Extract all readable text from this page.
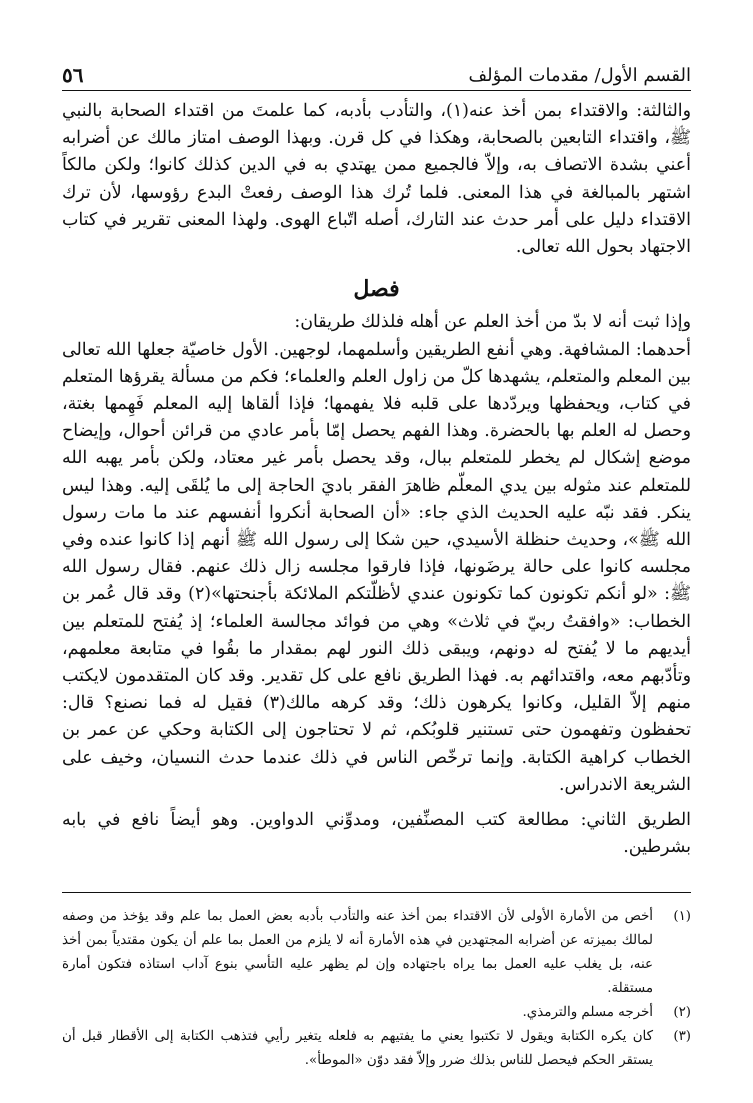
القسم الأول/ مقدمات المؤلف
٥٦

والثالثة: والاقتداء بمن أخذ عنه(١)، والتأدب بأدبه، كما علمتَ من اقتداء الصحابة بالنبي ﷺ، واقتداء التابعين بالصحابة، وهكذا في كل قرن. وبهذا الوصف امتاز مالك عن أضرابه أعني بشدة الاتصاف به، وإلاّ فالجميع ممن يهتدي به في الدين كذلك كانوا؛ ولكن مالكاً اشتهر بالمبالغة في هذا المعنى. فلما تُرك هذا الوصف رفعتْ البدع رؤوسها، لأن ترك الاقتداء دليل على أمر حدث عند التارك، أصله اتّباع الهوى. ولهذا المعنى تقرير في كتاب الاجتهاد بحول الله تعالى.

فصل

وإذا ثبت أنه لا بدّ من أخذ العلم عن أهله فلذلك طريقان:

أحدهما: المشافهة. وهي أنفع الطريقين وأسلمهما، لوجهين. الأول خاصيّة جعلها الله تعالى بين المعلم والمتعلم، يشهدها كلّ من زاول العلم والعلماء؛ فكم من مسألة يقرؤها المتعلم في كتاب، ويحفظها ويردّدها على قلبه فلا يفهمها؛ فإذا ألقاها إليه المعلم فَهِمها بغتة، وحصل له العلم بها بالحضرة. وهذا الفهم يحصل إمّا بأمر عادي من قرائن أحوال، وإيضاح موضع إشكال لم يخطر للمتعلم ببال، وقد يحصل بأمر غير معتاد، ولكن بأمر يهبه الله للمتعلم عند مثوله بين يدي المعلّم ظاهرَ الفقر باديَ الحاجة إلى ما يُلقَى إليه. وهذا ليس ينكر. فقد نبّه عليه الحديث الذي جاء: «أن الصحابة أنكروا أنفسهم عند ما مات رسول الله ﷺ»، وحديث حنظلة الأسيدي، حين شكا إلى رسول الله ﷺ أنهم إذا كانوا عنده وفي مجلسه كانوا على حالة يرضَونها، فإذا فارقوا مجلسه زال ذلك عنهم. فقال رسول الله ﷺ: «لو أنكم تكونون كما تكونون عندي لأظلّتكم الملائكة بأجنحتها»(٢) وقد قال عُمر بن الخطاب: «وافقتُ ربيّ في ثلاث» وهي من فوائد مجالسة العلماء؛ إذ يُفتح للمتعلم بين أيديهم ما لا يُفتح له دونهم، ويبقى ذلك النور لهم بمقدار ما بقُوا في متابعة معلمهم، وتأدّبهم معه، واقتدائهم به. فهذا الطريق نافع على كل تقدير. وقد كان المتقدمون لايكتب منهم إلاّ القليل، وكانوا يكرهون ذلك؛ وقد كرهه مالك(٣) فقيل له فما نصنع؟ قال: تحفظون وتفهمون حتى تستنير قلوبُكم، ثم لا تحتاجون إلى الكتابة وحكي عن عمر بن الخطاب كراهية الكتابة. وإنما ترخّص الناس في ذلك عندما حدث النسيان، وخيف على الشريعة الاندراس.

الطريق الثاني: مطالعة كتب المصنِّفين، ومدوِّني الدواوين. وهو أيضاً نافع في بابه بشرطين.

(١)
أخص من الأمارة الأولى لأن الاقتداء بمن أخذ عنه والتأدب بأدبه بعض العمل بما علم وقد يؤخذ من وصفه لمالك بميزته عن أضرابه المجتهدين في هذه الأمارة أنه لا يلزم من العمل بما علم أن يكون مقتدياً بمن أخذ عنه، بل يغلب عليه العمل بما يراه باجتهاده وإن لم يظهر عليه التأسي بنوع آداب استاذه فتكون أمارة مستقلة.
(٢)
أخرجه مسلم والترمذي.
(٣)
كان يكره الكتابة ويقول لا تكتبوا يعني ما يفتيهم به فلعله يتغير رأيي فتذهب الكتابة إلى الأقطار قبل أن يستقر الحكم فيحصل للناس بذلك ضرر وإلاّ فقد دوّن «الموطأ».
